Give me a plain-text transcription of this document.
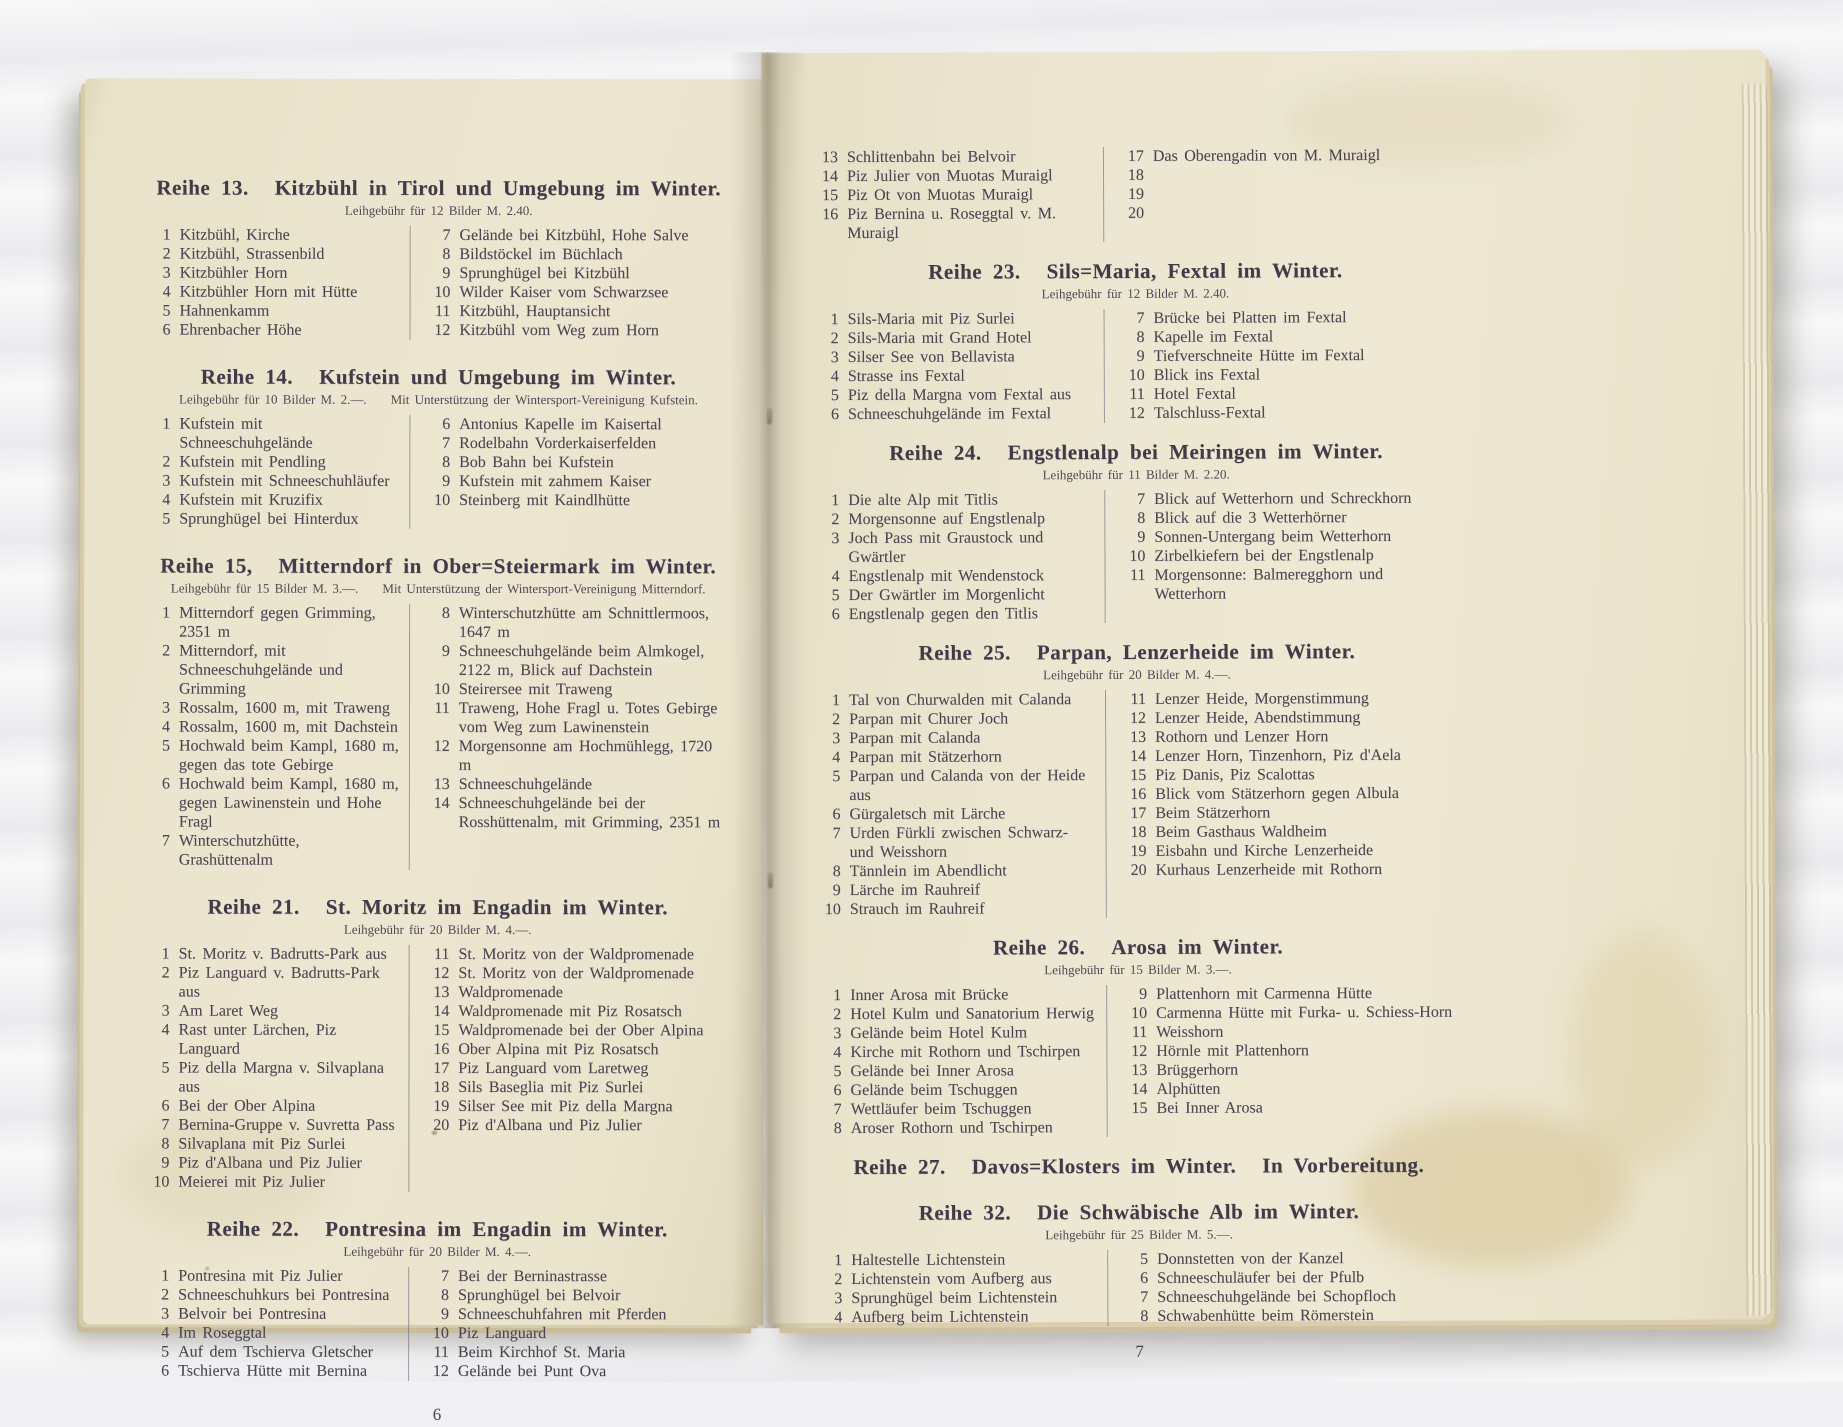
Reihe 13. Kitzbühl in Tirol und Umgebung im Winter.
Leihgebühr für 12 Bilder M. 2.40.
1 Kitzbühl, Kirche
2 Kitzbühl, Strassenbild
3 Kitzbühler Horn
4 Kitzbühler Horn mit Hütte
5 Hahnenkamm
6 Ehrenbacher Höhe
7 Gelände bei Kitzbühl, Hohe Salve
8 Bildstöckel im Büchlach
9 Sprunghügel bei Kitzbühl
10 Wilder Kaiser vom Schwarzsee
11 Kitzbühl, Hauptansicht
12 Kitzbühl vom Weg zum Horn
Reihe 14. Kufstein und Umgebung im Winter.
Leihgebühr für 10 Bilder M. 2.—. Mit Unterstützung der Wintersport-Vereinigung Kufstein.
1 Kufstein mit Schneeschuhgelände
2 Kufstein mit Pendling
3 Kufstein mit Schneeschuhläufer
4 Kufstein mit Kruzifix
5 Sprunghügel bei Hinterdux
6 Antonius Kapelle im Kaisertal
7 Rodelbahn Vorderkaiserfelden
8 Bob Bahn bei Kufstein
9 Kufstein mit zahmem Kaiser
10 Steinberg mit Kaindlhütte
Reihe 15, Mitterndorf in Ober=Steiermark im Winter.
Leihgebühr für 15 Bilder M. 3.—. Mit Unterstützung der Wintersport-Vereinigung Mitterndorf.
1 Mitterndorf gegen Grimming, 2351 m
2 Mitterndorf, mit Schneeschuhgelände und Grimming
3 Rossalm, 1600 m, mit Traweng
4 Rossalm, 1600 m, mit Dachstein
5 Hochwald beim Kampl, 1680 m, gegen das tote Gebirge
6 Hochwald beim Kampl, 1680 m, gegen Lawinenstein und Hohe Fragl
7 Winterschutzhütte, Grashüttenalm
8 Winterschutzhütte am Schnittlermoos, 1647 m
9 Schneeschuhgelände beim Almkogel, 2122 m, Blick auf Dachstein
10 Steirersee mit Traweng
11 Traweng, Hohe Fragl u. Totes Gebirge vom Weg zum Lawinenstein
12 Morgensonne am Hochmühlegg, 1720 m
13 Schneeschuhgelände
14 Schneeschuhgelände bei der Rosshüttenalm, mit Grimming, 2351 m
Reihe 21. St. Moritz im Engadin im Winter.
Leihgebühr für 20 Bilder M. 4.—.
1 St. Moritz v. Badrutts-Park aus
2 Piz Languard v. Badrutts-Park aus
3 Am Laret Weg
4 Rast unter Lärchen, Piz Languard
5 Piz della Margna v. Silvaplana aus
6 Bei der Ober Alpina
7 Bernina-Gruppe v. Suvretta Pass
8 Silvaplana mit Piz Surlei
9 Piz d'Albana und Piz Julier
10 Meierei mit Piz Julier
11 St. Moritz von der Waldpromenade
12 St. Moritz von der Waldpromenade
13 Waldpromenade
14 Waldpromenade mit Piz Rosatsch
15 Waldpromenade bei der Ober Alpina
16 Ober Alpina mit Piz Rosatsch
17 Piz Languard vom Laretweg
18 Sils Baseglia mit Piz Surlei
19 Silser See mit Piz della Margna
20 Piz d'Albana und Piz Julier
Reihe 22. Pontresina im Engadin im Winter.
Leihgebühr für 20 Bilder M. 4.—.
1 Pontresina mit Piz Julier
2 Schneeschuhkurs bei Pontresina
3 Belvoir bei Pontresina
4 Im Roseggtal
5 Auf dem Tschierva Gletscher
6 Tschierva Hütte mit Bernina
7 Bei der Berninastrasse
8 Sprunghügel bei Belvoir
9 Schneeschuhfahren mit Pferden
10 Piz Languard
11 Beim Kirchhof St. Maria
12 Gelände bei Punt Ova
6
13 Schlittenbahn bei Belvoir
14 Piz Julier von Muotas Muraigl
15 Piz Ot von Muotas Muraigl
16 Piz Bernina u. Roseggtal v. M. Muraigl
17 Das Oberengadin von M. Muraigl
18
19
20
Reihe 23. Sils=Maria, Fextal im Winter.
Leihgebühr für 12 Bilder M. 2.40.
1 Sils-Maria mit Piz Surlei
2 Sils-Maria mit Grand Hotel
3 Silser See von Bellavista
4 Strasse ins Fextal
5 Piz della Margna vom Fextal aus
6 Schneeschuhgelände im Fextal
7 Brücke bei Platten im Fextal
8 Kapelle im Fextal
9 Tiefverschneite Hütte im Fextal
10 Blick ins Fextal
11 Hotel Fextal
12 Talschluss-Fextal
Reihe 24. Engstlenalp bei Meiringen im Winter.
Leihgebühr für 11 Bilder M. 2.20.
1 Die alte Alp mit Titlis
2 Morgensonne auf Engstlenalp
3 Joch Pass mit Graustock und Gwärtler
4 Engstlenalp mit Wendenstock
5 Der Gwärtler im Morgenlicht
6 Engstlenalp gegen den Titlis
7 Blick auf Wetterhorn und Schreckhorn
8 Blick auf die 3 Wetterhörner
9 Sonnen-Untergang beim Wetterhorn
10 Zirbelkiefern bei der Engstlenalp
11 Morgensonne: Balmeregghorn und Wetterhorn
Reihe 25. Parpan, Lenzerheide im Winter.
Leihgebühr für 20 Bilder M. 4.—.
1 Tal von Churwalden mit Calanda
2 Parpan mit Churer Joch
3 Parpan mit Calanda
4 Parpan mit Stätzerhorn
5 Parpan und Calanda von der Heide aus
6 Gürgaletsch mit Lärche
7 Urden Fürkli zwischen Schwarz- und Weisshorn
8 Tännlein im Abendlicht
9 Lärche im Rauhreif
10 Strauch im Rauhreif
11 Lenzer Heide, Morgenstimmung
12 Lenzer Heide, Abendstimmung
13 Rothorn und Lenzer Horn
14 Lenzer Horn, Tinzenhorn, Piz d'Aela
15 Piz Danis, Piz Scalottas
16 Blick vom Stätzerhorn gegen Albula
17 Beim Stätzerhorn
18 Beim Gasthaus Waldheim
19 Eisbahn und Kirche Lenzerheide
20 Kurhaus Lenzerheide mit Rothorn
Reihe 26. Arosa im Winter.
Leihgebühr für 15 Bilder M. 3.—.
1 Inner Arosa mit Brücke
2 Hotel Kulm und Sanatorium Herwig
3 Gelände beim Hotel Kulm
4 Kirche mit Rothorn und Tschirpen
5 Gelände bei Inner Arosa
6 Gelände beim Tschuggen
7 Wettläufer beim Tschuggen
8 Aroser Rothorn und Tschirpen
9 Plattenhorn mit Carmenna Hütte
10 Carmenna Hütte mit Furka- u. Schiess-Horn
11 Weisshorn
12 Hörnle mit Plattenhorn
13 Brüggerhorn
14 Alphütten
15 Bei Inner Arosa
Reihe 27. Davos=Klosters im Winter. In Vorbereitung.
Reihe 32. Die Schwäbische Alb im Winter.
Leihgebühr für 25 Bilder M. 5.—.
1 Haltestelle Lichtenstein
2 Lichtenstein vom Aufberg aus
3 Sprunghügel beim Lichtenstein
4 Aufberg beim Lichtenstein
5 Donnstetten von der Kanzel
6 Schneeschuläufer bei der Pfulb
7 Schneeschuhgelände bei Schopfloch
8 Schwabenhütte beim Römerstein
7
